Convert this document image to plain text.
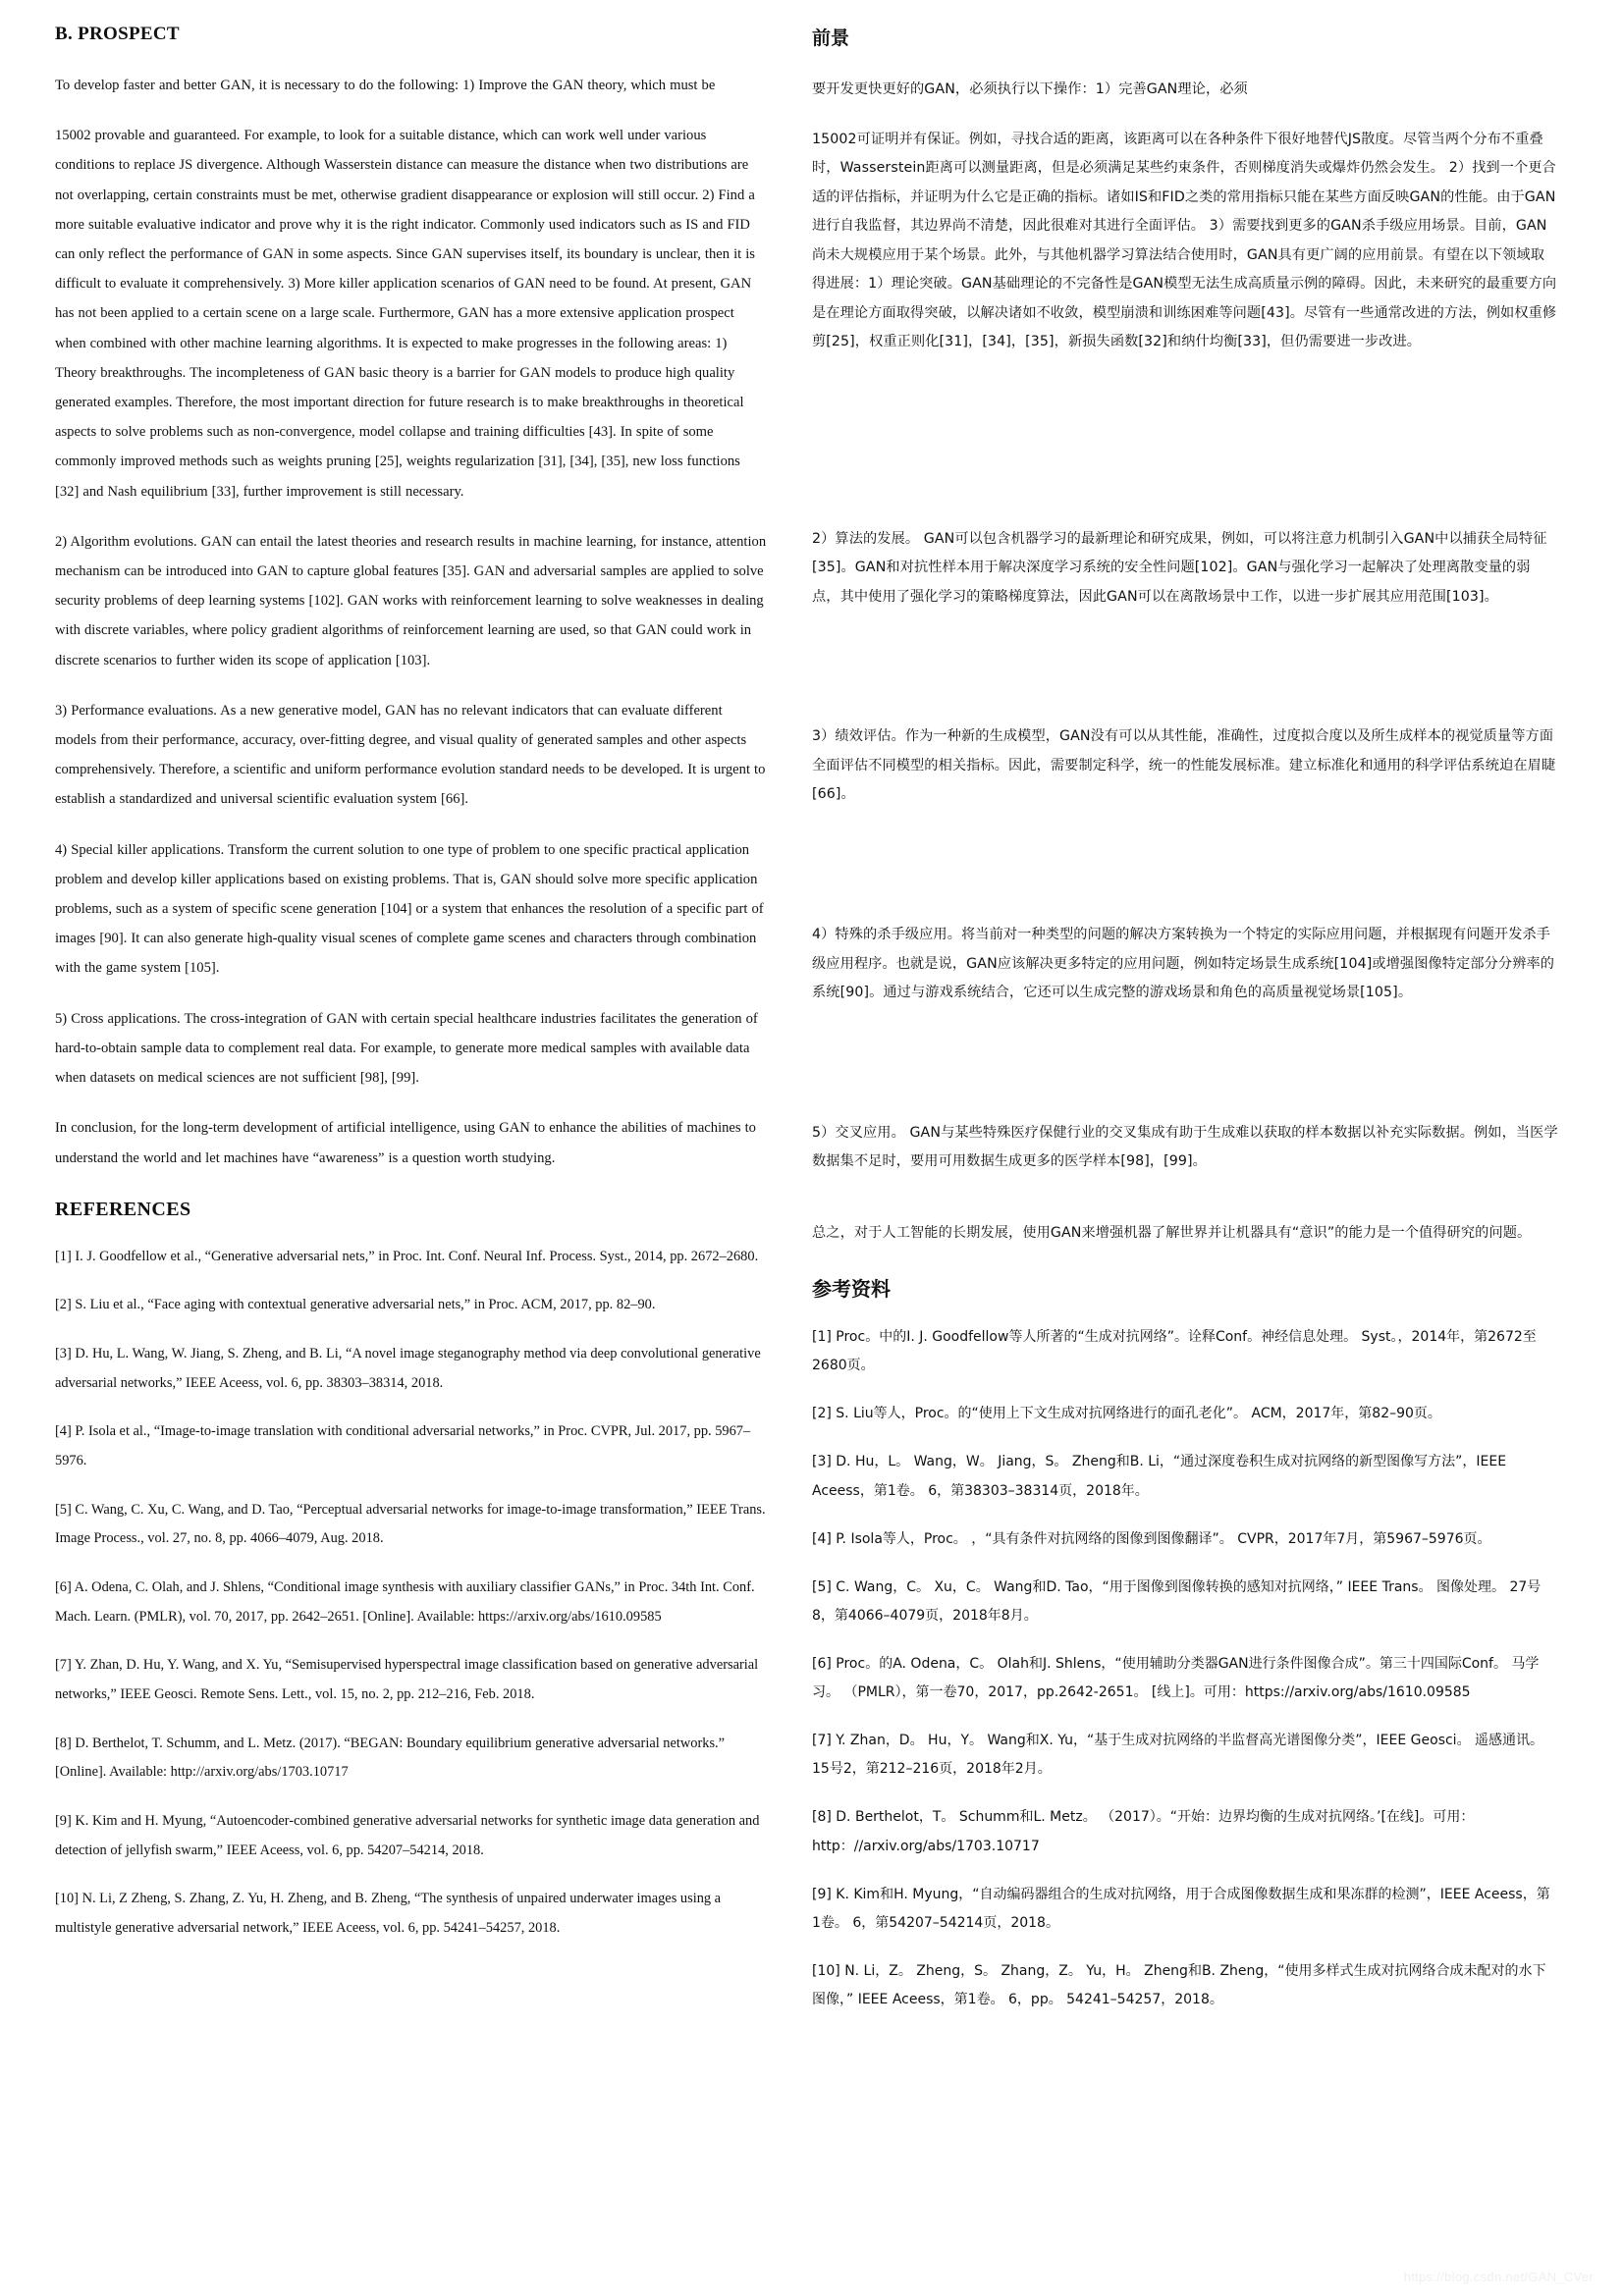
B. PROSPECT

To develop faster and better GAN, it is necessary to do the following: 1) Improve the GAN theory, which must be

15002 provable and guaranteed. For example, to look for a suitable distance, which can work well under various conditions to replace JS divergence. Although Wasserstein distance can measure the distance when two distributions are not overlapping, certain constraints must be met, otherwise gradient disappearance or explosion will still occur. 2) Find a more suitable evaluative indicator and prove why it is the right indicator. Commonly used indicators such as IS and FID can only reflect the performance of GAN in some aspects. Since GAN supervises itself, its boundary is unclear, then it is difficult to evaluate it comprehensively. 3) More killer application scenarios of GAN need to be found. At present, GAN has not been applied to a certain scene on a large scale. Furthermore, GAN has a more extensive application prospect when combined with other machine learning algorithms. It is expected to make progresses in the following areas: 1) Theory breakthroughs. The incompleteness of GAN basic theory is a barrier for GAN models to produce high quality generated examples. Therefore, the most important direction for future research is to make breakthroughs in theoretical aspects to solve problems such as non-convergence, model collapse and training difficulties [43]. In spite of some commonly improved methods such as weights pruning [25], weights regularization [31], [34], [35], new loss functions [32] and Nash equilibrium [33], further improvement is still necessary.

2) Algorithm evolutions. GAN can entail the latest theories and research results in machine learning, for instance, attention mechanism can be introduced into GAN to capture global features [35]. GAN and adversarial samples are applied to solve security problems of deep learning systems [102]. GAN works with reinforcement learning to solve weaknesses in dealing with discrete variables, where policy gradient algorithms of reinforcement learning are used, so that GAN could work in discrete scenarios to further widen its scope of application [103].

3) Performance evaluations. As a new generative model, GAN has no relevant indicators that can evaluate different models from their performance, accuracy, over-fitting degree, and visual quality of generated samples and other aspects comprehensively. Therefore, a scientific and uniform performance evolution standard needs to be developed. It is urgent to establish a standardized and universal scientific evaluation system [66].

4) Special killer applications. Transform the current solution to one type of problem to one specific practical application problem and develop killer applications based on existing problems. That is, GAN should solve more specific application problems, such as a system of specific scene generation [104] or a system that enhances the resolution of a specific part of images [90]. It can also generate high-quality visual scenes of complete game scenes and characters through combination with the game system [105].

5) Cross applications. The cross-integration of GAN with certain special healthcare industries facilitates the generation of hard-to-obtain sample data to complement real data. For example, to generate more medical samples with available data when datasets on medical sciences are not sufficient [98], [99].

In conclusion, for the long-term development of artificial intelligence, using GAN to enhance the abilities of machines to understand the world and let machines have “awareness” is a question worth studying.

REFERENCES

[1] I. J. Goodfellow et al., “Generative adversarial nets,” in Proc. Int. Conf. Neural Inf. Process. Syst., 2014, pp. 2672–2680.

[2] S. Liu et al., “Face aging with contextual generative adversarial nets,” in Proc. ACM, 2017, pp. 82–90.

[3] D. Hu, L. Wang, W. Jiang, S. Zheng, and B. Li, “A novel image steganography method via deep convolutional generative adversarial networks,” IEEE Aceess, vol. 6, pp. 38303–38314, 2018.

[4] P. Isola et al., “Image-to-image translation with conditional adversarial networks,” in Proc. CVPR, Jul. 2017, pp. 5967–5976.

[5] C. Wang, C. Xu, C. Wang, and D. Tao, “Perceptual adversarial networks for image-to-image transformation,” IEEE Trans. Image Process., vol. 27, no. 8, pp. 4066–4079, Aug. 2018.

[6] A. Odena, C. Olah, and J. Shlens, “Conditional image synthesis with auxiliary classifier GANs,” in Proc. 34th Int. Conf. Mach. Learn. (PMLR), vol. 70, 2017, pp. 2642–2651. [Online]. Available: https://arxiv.org/abs/1610.09585

[7] Y. Zhan, D. Hu, Y. Wang, and X. Yu, “Semisupervised hyperspectral image classification based on generative adversarial networks,” IEEE Geosci. Remote Sens. Lett., vol. 15, no. 2, pp. 212–216, Feb. 2018.

[8] D. Berthelot, T. Schumm, and L. Metz. (2017). “BEGAN: Boundary equilibrium generative adversarial networks.” [Online]. Available: http://arxiv.org/abs/1703.10717

[9] K. Kim and H. Myung, “Autoencoder-combined generative adversarial networks for synthetic image data generation and detection of jellyfish swarm,” IEEE Aceess, vol. 6, pp. 54207–54214, 2018.

[10] N. Li, Z Zheng, S. Zhang, Z. Yu, H. Zheng, and B. Zheng, “The synthesis of unpaired underwater images using a multistyle generative adversarial network,” IEEE Aceess, vol. 6, pp. 54241–54257, 2018.

前景

要开发更快更好的GAN，必须执行以下操作：1）完善GAN理论，必须

15002可证明并有保证。例如，寻找合适的距离，该距离可以在各种条件下很好地替代JS散度。尽管当两个分布不重叠时，Wasserstein距离可以测量距离，但是必须满足某些约束条件，否则梯度消失或爆炸仍然会发生。 2）找到一个更合适的评估指标，并证明为什么它是正确的指标。诸如IS和FID之类的常用指标只能在某些方面反映GAN的性能。由于GAN进行自我监督，其边界尚不清楚，因此很难对其进行全面评估。 3）需要找到更多的GAN杀手级应用场景。目前，GAN尚未大规模应用于某个场景。此外，与其他机器学习算法结合使用时，GAN具有更广阔的应用前景。有望在以下领域取得进展：1）理论突破。GAN基础理论的不完备性是GAN模型无法生成高质量示例的障碍。因此，未来研究的最重要方向是在理论方面取得突破，以解决诸如不收敛，模型崩溃和训练困难等问题[43]。尽管有一些通常改进的方法，例如权重修剪[25]，权重正则化[31]，[34]，[35]，新损失函数[32]和纳什均衡[33]，但仍需要进一步改进。

2）算法的发展。 GAN可以包含机器学习的最新理论和研究成果，例如，可以将注意力机制引入GAN中以捕获全局特征[35]。GAN和对抗性样本用于解决深度学习系统的安全性问题[102]。GAN与强化学习一起解决了处理离散变量的弱点，其中使用了强化学习的策略梯度算法，因此GAN可以在离散场景中工作，以进一步扩展其应用范围[103]。

3）绩效评估。作为一种新的生成模型，GAN没有可以从其性能，准确性，过度拟合度以及所生成样本的视觉质量等方面全面评估不同模型的相关指标。因此，需要制定科学，统一的性能发展标准。建立标准化和通用的科学评估系统迫在眉睫[66]。

4）特殊的杀手级应用。将当前对一种类型的问题的解决方案转换为一个特定的实际应用问题，并根据现有问题开发杀手级应用程序。也就是说，GAN应该解决更多特定的应用问题，例如特定场景生成系统[104]或增强图像特定部分分辨率的系统[90]。通过与游戏系统结合，它还可以生成完整的游戏场景和角色的高质量视觉场景[105]。

5）交叉应用。 GAN与某些特殊医疗保健行业的交叉集成有助于生成难以获取的样本数据以补充实际数据。例如，当医学数据集不足时，要用可用数据生成更多的医学样本[98]，[99]。

总之，对于人工智能的长期发展，使用GAN来增强机器了解世界并让机器具有“意识”的能力是一个值得研究的问题。

参考资料

[1] Proc。中的I. J. Goodfellow等人所著的“生成对抗网络”。诠释Conf。神经信息处理。 Syst。，2014年，第2672至2680页。

[2] S. Liu等人，Proc。的“使用上下文生成对抗网络进行的面孔老化”。 ACM，2017年，第82–90页。

[3] D. Hu，L。 Wang，W。 Jiang，S。 Zheng和B. Li，“通过深度卷积生成对抗网络的新型图像写方法”，IEEE Aceess，第1卷。 6，第38303–38314页，2018年。

[4] P. Isola等人，Proc。 ，“具有条件对抗网络的图像到图像翻译”。 CVPR，2017年7月，第5967–5976页。

[5] C. Wang，C。 Xu，C。 Wang和D. Tao，“用于图像到图像转换的感知对抗网络，” IEEE Trans。 图像处理。 27号8，第4066–4079页，2018年8月。

[6] Proc。的A. Odena，C。 Olah和J. Shlens，“使用辅助分类器GAN进行条件图像合成”。第三十四国际Conf。 马学习。 （PMLR），第一卷70，2017，pp.2642-2651。 [线上]。可用：https://arxiv.org/abs/1610.09585

[7] Y. Zhan，D。 Hu，Y。 Wang和X. Yu，“基于生成对抗网络的半监督高光谱图像分类”，IEEE Geosci。 遥感通讯。 15号2，第212–216页，2018年2月。

[8] D. Berthelot，T。 Schumm和L. Metz。 （2017）。“开始：边界均衡的生成对抗网络。’[在线]。可用：http：//arxiv.org/abs/1703.10717

[9] K. Kim和H. Myung，“自动编码器组合的生成对抗网络，用于合成图像数据生成和果冻群的检测”，IEEE Aceess，第1卷。 6，第54207–54214页，2018。

[10] N. Li，Z。 Zheng，S。 Zhang，Z。 Yu，H。 Zheng和B. Zheng，“使用多样式生成对抗网络合成未配对的水下图像，” IEEE Aceess，第1卷。 6，pp。 54241–54257，2018。

https://blog.csdn.net/GAN_CVer
